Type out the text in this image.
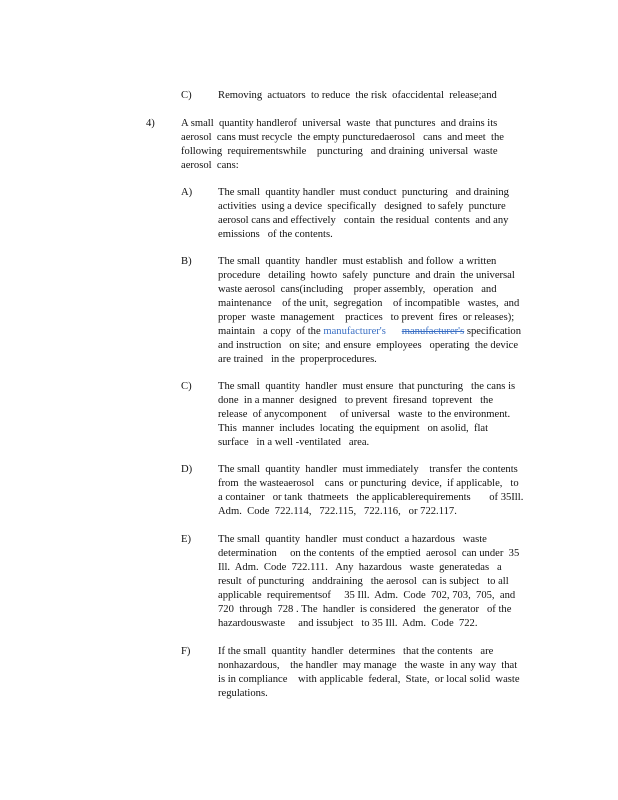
C) Removing  actuators  to reduce  the risk  ofaccidental  release;and
4) A small  quantity handlerof  universal  waste  that punctures  and drains its
aerosol  cans must recycle  the empty puncturedaerosol   cans  and meet  the
following  requirementswhile    puncturing   and draining  universal  waste
aerosol  cans:
A) The small  quantity handler  must conduct  puncturing   and draining
activities  using a device  specifically   designed  to safely  puncture
aerosol cans and effectively   contain  the residual  contents  and any
emissions   of the contents.
B) The small  quantity  handler  must establish  and follow  a written
procedure   detailing  howto  safely  puncture  and drain  the universal
waste aerosol  cans(including    proper assembly,   operation   and
maintenance    of the unit,  segregation    of incompatible   wastes,  and
proper  waste  management    practices   to prevent  fires  or releases);
maintain   a copy  of the manufacturer's manufacturer's specification
and instruction   on site;  and ensure  employees   operating  the device
are trained   in the  properprocedures.
C) The small  quantity  handler  must ensure  that puncturing   the cans is
done  in a manner  designed   to prevent  firesand  toprevent   the
release  of anycomponent     of universal   waste  to the environment.
This  manner  includes  locating  the equipment   on asolid,  flat
surface   in a well -ventilated   area.
D) The small  quantity  handler  must immediately    transfer  the contents
from  the wasteaerosol    cans  or puncturing  device,  if applicable,   to
a container   or tank  thatmeets   the applicablerequirements       of 35Ill.
Adm.  Code  722.114,   722.115,   722.116,   or 722.117.
E)	The small  quantity  handler  must conduct  a hazardous   waste
determination     on the contents  of the emptied  aerosol  can under  35
Ill.  Adm.  Code  722.111.   Any  hazardous   waste  generatedas   a
result  of puncturing   anddraining   the aerosol  can is subject   to all
applicable  requirementsof     35 Ill.  Adm.  Code  702, 703,  705,  and
720  through  728 . The  handler  is considered   the generator   of the
hazardouswaste     and issubject   to 35 Ill.  Adm.  Code  722.
F)	If the small  quantity  handler  determines   that the contents   are
nonhazardous,    the handler  may manage   the waste  in any way  that
is in compliance    with applicable  federal,  State,  or local solid  waste
regulations.
